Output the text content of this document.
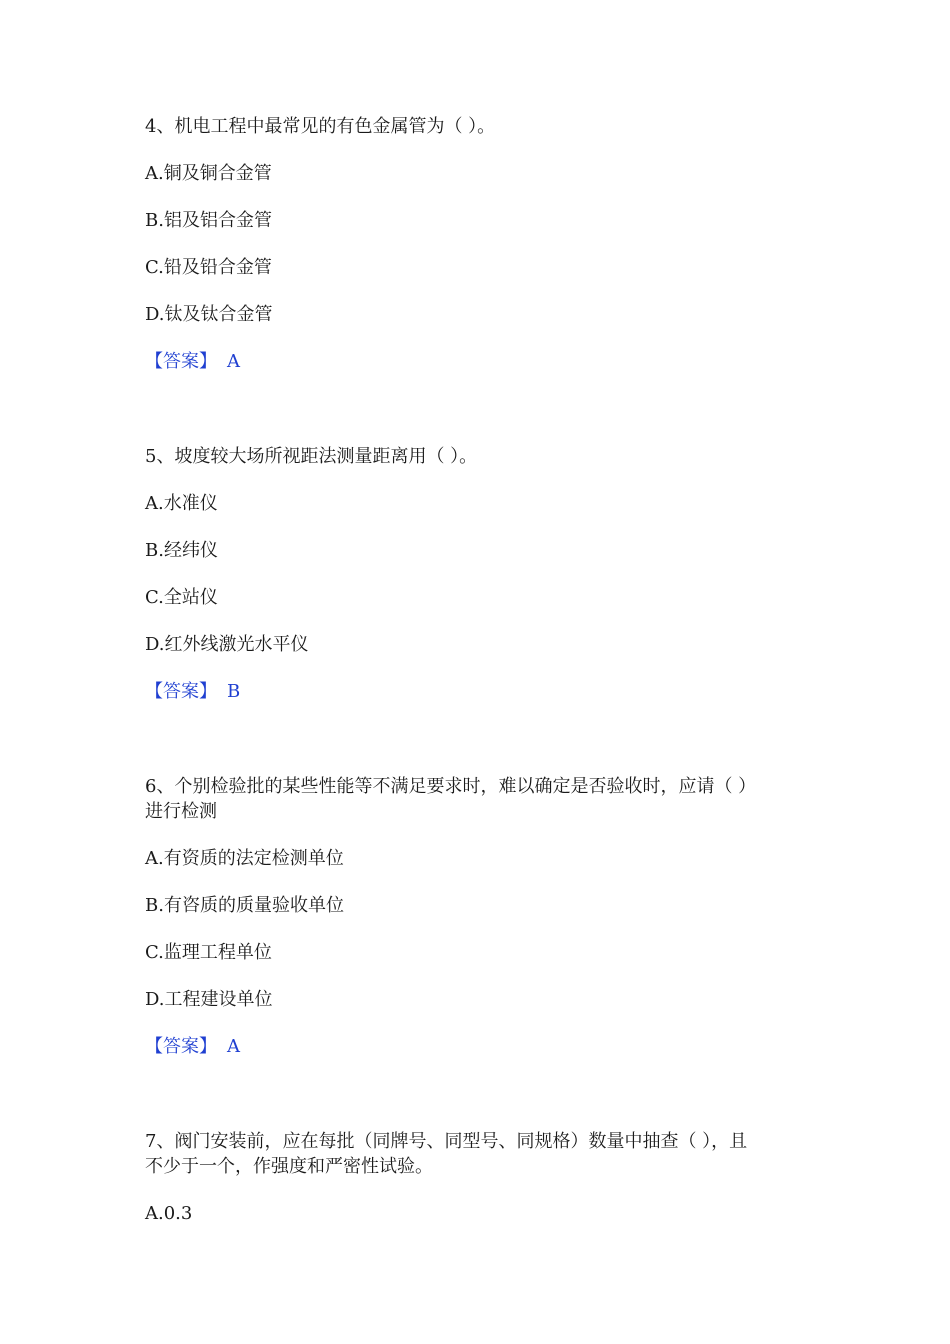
4、机电工程中最常见的有色金属管为（ ）。
A.铜及铜合金管
B.铝及铝合金管
C.铅及铅合金管
D.钛及钛合金管
【答案】 A
5、坡度较大场所视距法测量距离用（ ）。
A.水准仪
B.经纬仪
C.全站仪
D.红外线激光水平仪
【答案】 B
6、个别检验批的某些性能等不满足要求时，难以确定是否验收时，应请（ ）
进行检测
A.有资质的法定检测单位
B.有咨质的质量验收单位
C.监理工程单位
D.工程建设单位
【答案】 A
7、阀门安装前，应在每批（同牌号、同型号、同规格）数量中抽查（ ），且
不少于一个，作强度和严密性试验。
A.0.3
